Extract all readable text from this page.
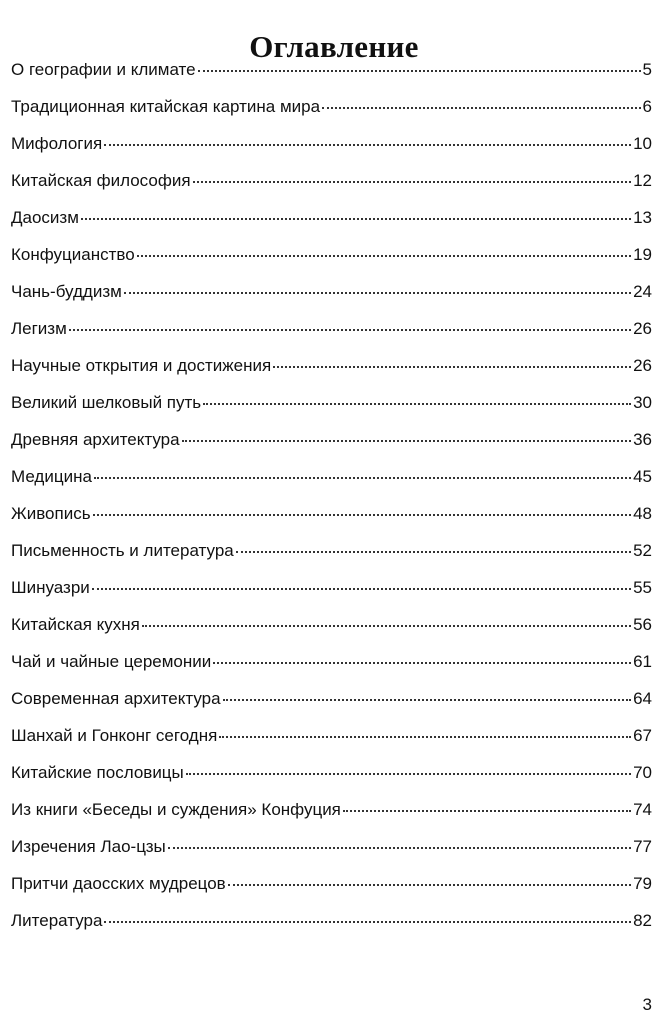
Оглавление
О географии и климате	5
Традиционная китайская картина мира	6
Мифология	10
Китайская философия	12
Даосизм	13
Конфуцианство	19
Чань-буддизм	24
Легизм	26
Научные открытия и достижения	26
Великий шелковый путь	30
Древняя архитектура	36
Медицина	45
Живопись	48
Письменность и литература	52
Шинуазри	55
Китайская кухня	56
Чай и чайные церемонии	61
Современная архитектура	64
Шанхай и Гонконг сегодня	67
Китайские пословицы	70
Из книги «Беседы и суждения» Конфуция	74
Изречения Лао-цзы	77
Притчи даосских мудрецов	79
Литература	82
3
